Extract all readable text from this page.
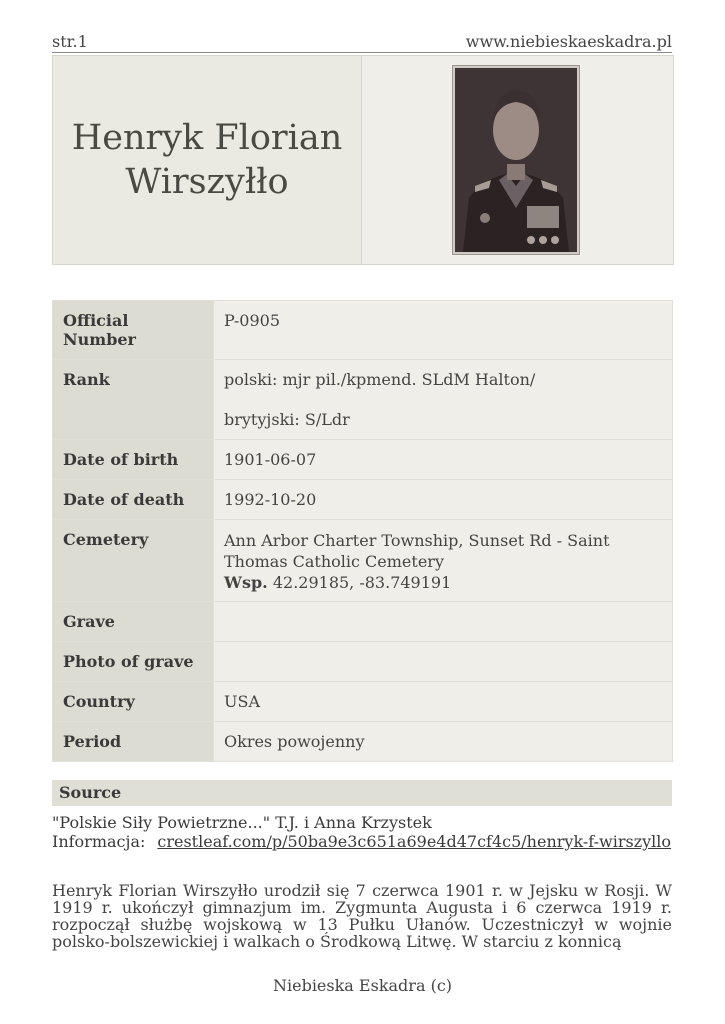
str.1	www.niebieskaeskadra.pl
Henryk Florian
Wirszyłło
Official Number	P-0905
Rank	polski: mjr pil./kpmend. SLdM Halton/
brytyjski: S/Ldr

Date of birth	1901-06-07
Date of death	1992-10-20
Cemetery	Ann Arbor Charter Township, Sunset Rd - Saint
Thomas Catholic Cemetery
Wsp. 42.29185, -83.749191

Grave	
Photo of grave	
Country	USA
Period	Okres powojenny
Source
"Polskie Siły Powietrzne..." T.J. i Anna Krzystek
Informacja: crestleaf.com/p/50ba9e3c651a69e4d47cf4c5/henryk-f-wirszyllo
Henryk Florian Wirszyłło urodził się 7 czerwca 1901 r. w Jejsku w Rosji. W 1919 r. ukończył gimnazjum im. Zygmunta Augusta i 6 czerwca 1919 r. rozpoczął służbę wojskową w 13 Pułku Ułanów. Uczestniczył w wojnie polsko-bolszewickiej i walkach o Środkową Litwę. W starciu z konnicą
Niebieska Eskadra (c)
